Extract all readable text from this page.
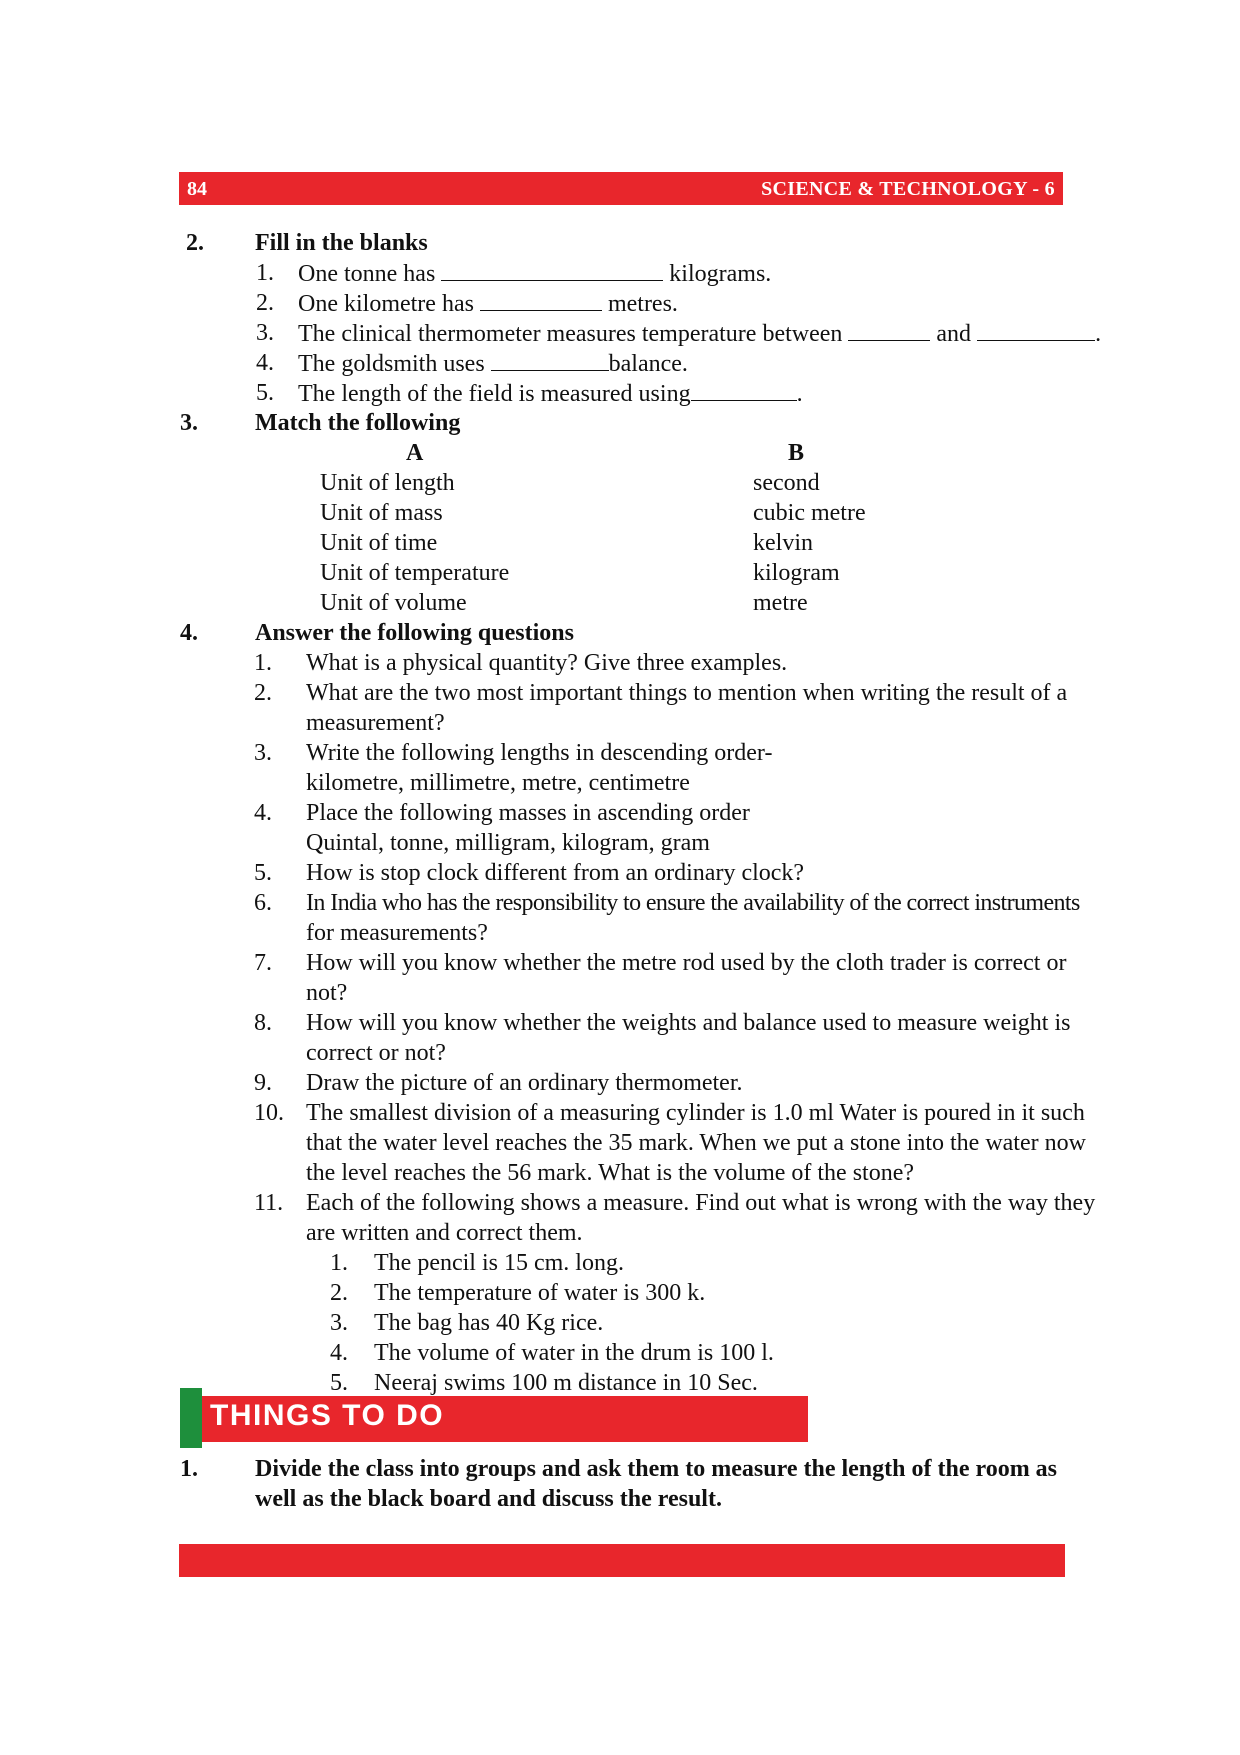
84	SCIENCE & TECHNOLOGY - 6
2. Fill in the blanks
1. One tonne has	kilograms.
2. One kilometre has	metres.
3. The clinical thermometer measures temperature between	and	.
4. The goldsmith uses	balance.
5. The length of the field is measured using	.
3. Match the following
A	B
Unit of length	second
Unit of mass	cubic metre
Unit of time	kelvin
Unit of temperature	kilogram
Unit of volume	metre
4. Answer the following questions
1. What is a physical quantity? Give three examples.
2. What are the two most important things to mention when writing the result of a
measurement?
3. Write the following lengths in descending order-
kilometre, millimetre, metre, centimetre
4. Place the following masses in ascending order
Quintal, tonne, milligram, kilogram, gram
5. How is stop clock different from an ordinary clock?
6. In India who has the responsibility to ensure the availability of the correct instruments
for measurements?
7. How will you know whether the metre rod used by the cloth trader is correct or
not?
8. How will you know whether the weights and balance used to measure weight is
correct or not?
9. Draw the picture of an ordinary thermometer.
10. The smallest division of a measuring cylinder is 1.0 ml Water is poured in it such
that the water level reaches the 35 mark. When we put a stone into the water now
the level reaches the 56 mark. What is the volume of the stone?
11. Each of the following shows a measure. Find out what is wrong with the way they
are written and correct them.
1. The pencil is 15 cm. long.
2. The temperature of water is 300 k.
3. The bag has 40 Kg rice.
4. The volume of water in the drum is 100 l.
5. Neeraj swims 100 m distance in 10 Sec.
THINGS TO DO
1. Divide the class into groups and ask them to measure the length of the room as
well as the black board and discuss the result.
